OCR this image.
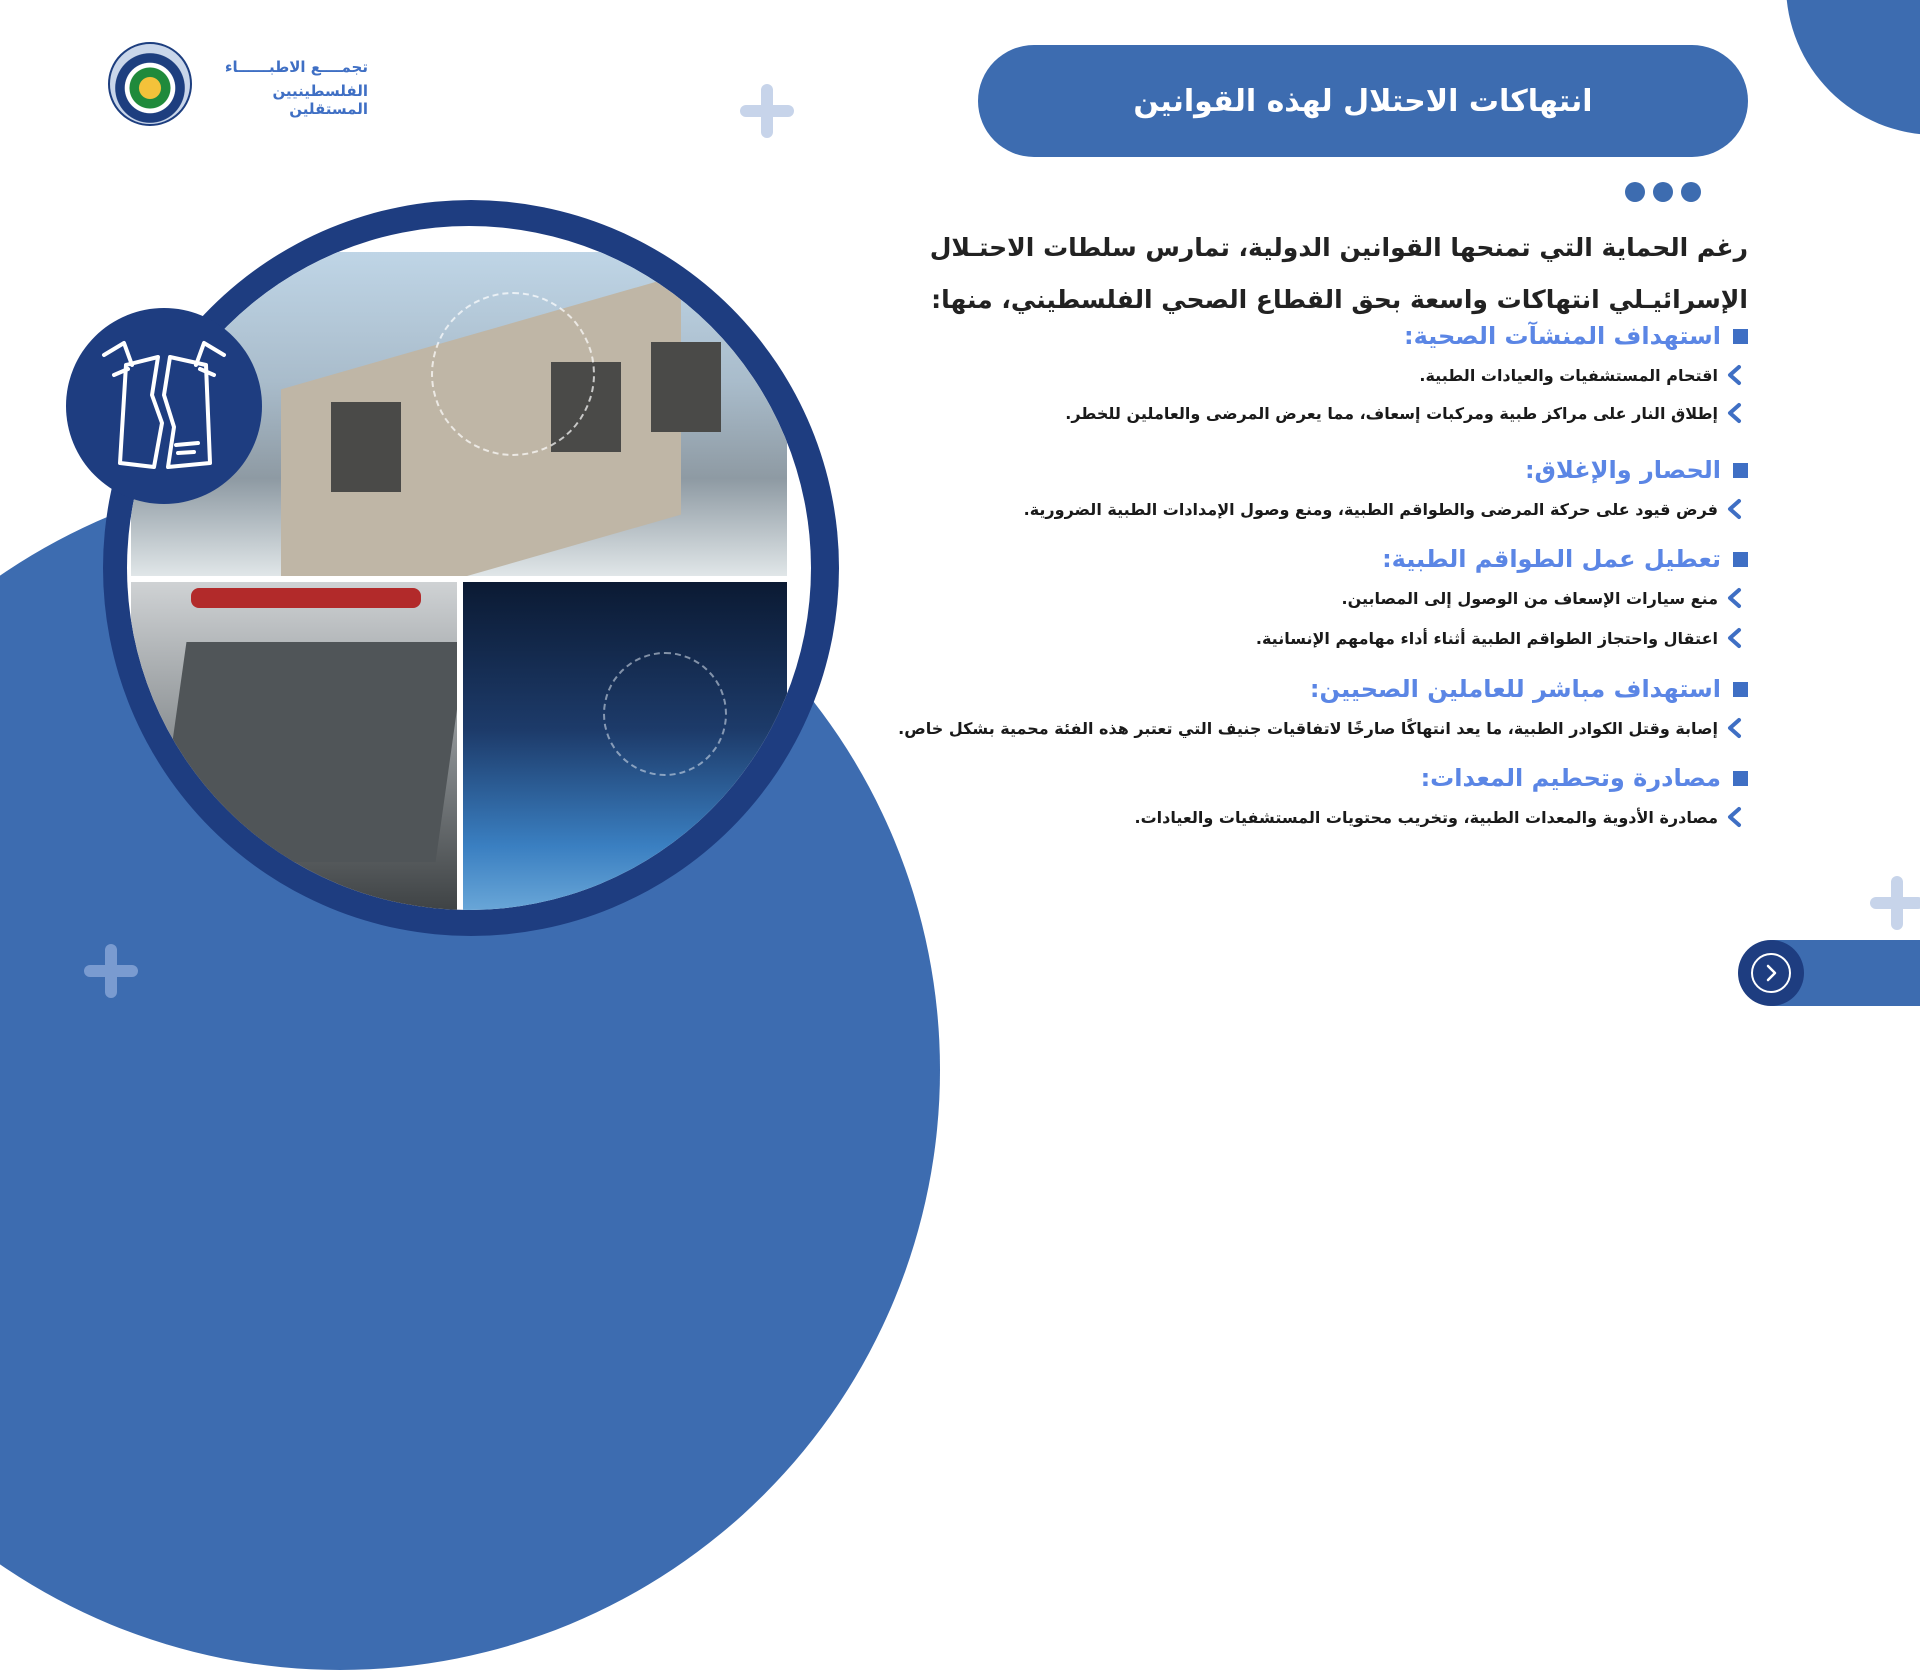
تجمــــع الاطبــــــاء
الفلسطينيين المستقلين	انتهاكات الاحتلال لهذه القوانين
رغم الحماية التي تمنحها القوانين الدولية، تمارس سلطات الاحتـلال الإسرائيـلي انتهاكات واسعة بحق القطاع الصحي الفلسطيني، منها:
استهداف المنشآت الصحية:
اقتحام المستشفيات والعيادات الطبية.
إطلاق النار على مراكز طبية ومركبات إسعاف، مما يعرض المرضى والعاملين للخطر.
الحصار والإغلاق:
فرض قيود على حركة المرضى والطواقم الطبية، ومنع وصول الإمدادات الطبية الضرورية.
تعطيل عمل الطواقم الطبية:
منع سيارات الإسعاف من الوصول إلى المصابين.
اعتقال واحتجاز الطواقم الطبية أثناء أداء مهامهم الإنسانية.
استهداف مباشر للعاملين الصحيين:
إصابة وقتل الكوادر الطبية، ما يعد انتهاكًا صارخًا لاتفاقيات جنيف التي تعتبر هذه الفئة محمية بشكل خاص.
مصادرة وتحطيم المعدات:
مصادرة الأدوية والمعدات الطبية، وتخريب محتويات المستشفيات والعيادات.
